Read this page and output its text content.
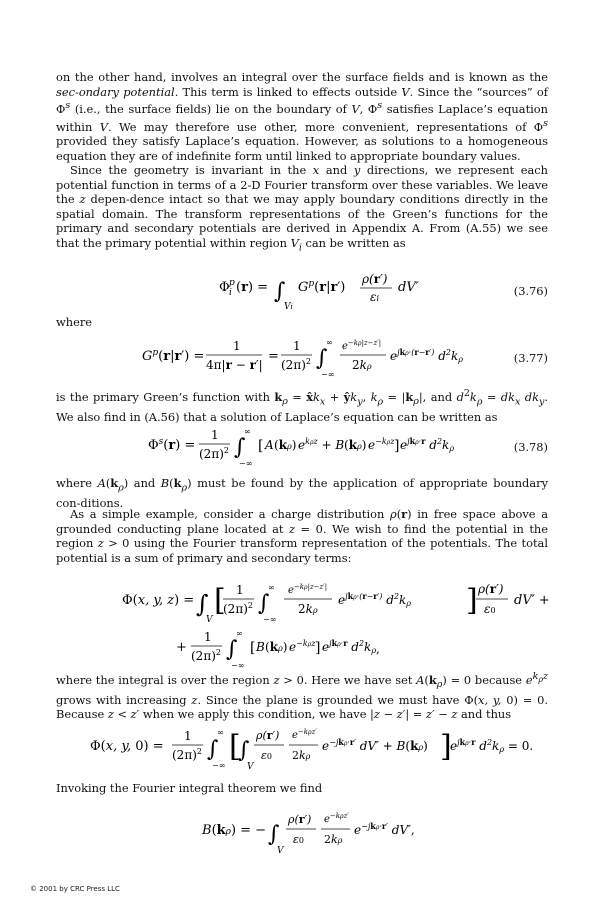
on the other hand, involves an integral over the surface fields and is known as the sec-ondary potential. This term is linked to effects outside V. Since the “sources” of $\Phi^s$ (i.e., the surface fields) lie on the boundary of V, $\Phi^s$ satisfies Laplace’s equation within V. We may therefore use other, more convenient, representations of $\Phi^s$ provided they satisfy Laplace’s equation. However, as solutions to a homogeneous equation they are of indefinite form until linked to appropriate boundary values.

Since the geometry is invariant in the x and y directions, we represent each potential function in terms of a 2-D Fourier transform over these variables. We leave the z depen-dence intact so that we may apply boundary conditions directly in the spatial domain. The transform representations of the Green’s functions for the primary and secondary potentials are derived in Appendix A. From (A.55) we see that the primary potential within region $V_i$ can be written as

Φ i
p (r) = ∫
Vi
$G^p(r|r')$
ρ(r′)
εi
dV′	(3.76)

where

$G^p(r|r')$ =
1
4π|r − r′|
=
1
$(2\pi)^2$ ∫
∞
−∞
$e^{-k\rho|z-z'|}$
2kρ
$e^{jk\rho\cdot(r-r')}$ $d^2k\rho$	(3.77)

is the primary Green’s function with $k_\rho$ = $x̂k_x$ + $ŷk_y$, $k_\rho = |k_\rho|$, and $d^2k_\rho = dk_x$ $dk_y$. We also find in (A.56) that a solution of Laplace’s equation can be written as

$\Phi^s(r)$ =
1
$(2\pi)^2$ ∫
∞
−∞
[ A (kρ) $e^{k\rho z} + B$ (kρ) $e^{-k\rho z}$ ] $e^{jk\rho\cdot r}$ $d^2k\rho$	(3.78)

where $A(k_\rho)$ and $B(k_\rho)$ must be found by the application of appropriate boundary con-ditions.

As a simple example, consider a charge distribution ρ(r) in free space above a grounded conducting plane located at z = 0. We wish to find the potential in the region z > 0 using the Fourier transform representation of the potentials. The total potential is a sum of primary and secondary terms:

Φ(x, y, z) = ∫
V
[ 1
$(2\pi)^2$ ∫
∞
−∞
$e^{-k\rho|z-z'|}$
2kρ
$e^{jk\rho\cdot(r-r')}$ $d^2k\rho$ ] ρ(r′)
ε0
dV′ +
+
1
$(2\pi)^2$ ∫
∞
−∞
[ B (kρ) $e^{-k\rho z}$ ] $e^{jk\rho\cdot r}$ $d^2k\rho$,

where the integral is over the region z > 0. Here we have set $A(k_\rho) = 0$ because $e^{k_\rho z}$ grows with increasing z. Since the plane is grounded we must have Φ(x, y, 0) = 0. Because z < z′ when we apply this condition, we have |z − z′| = z′ − z and thus

Φ(x, y, 0) =
1
$(2\pi)^2$ ∫
∞
−∞
[
∫
V
ρ(r′)
ε0
$e^{-k\rho z'}$
2kρ
$e^{-jk\rho\cdot r'}$ dV′ + B(kρ) ]
$e^{jk\rho\cdot r}$ $d^2k\rho = 0$.

Invoking the Fourier integral theorem we find

B(kρ) = − ∫
V
ρ(r′)
ε0
$e^{-k\rho z'}$
2kρ
$e^{-jk\rho\cdot r'}$ dV′,
© 2001 by CRC Press LLC
